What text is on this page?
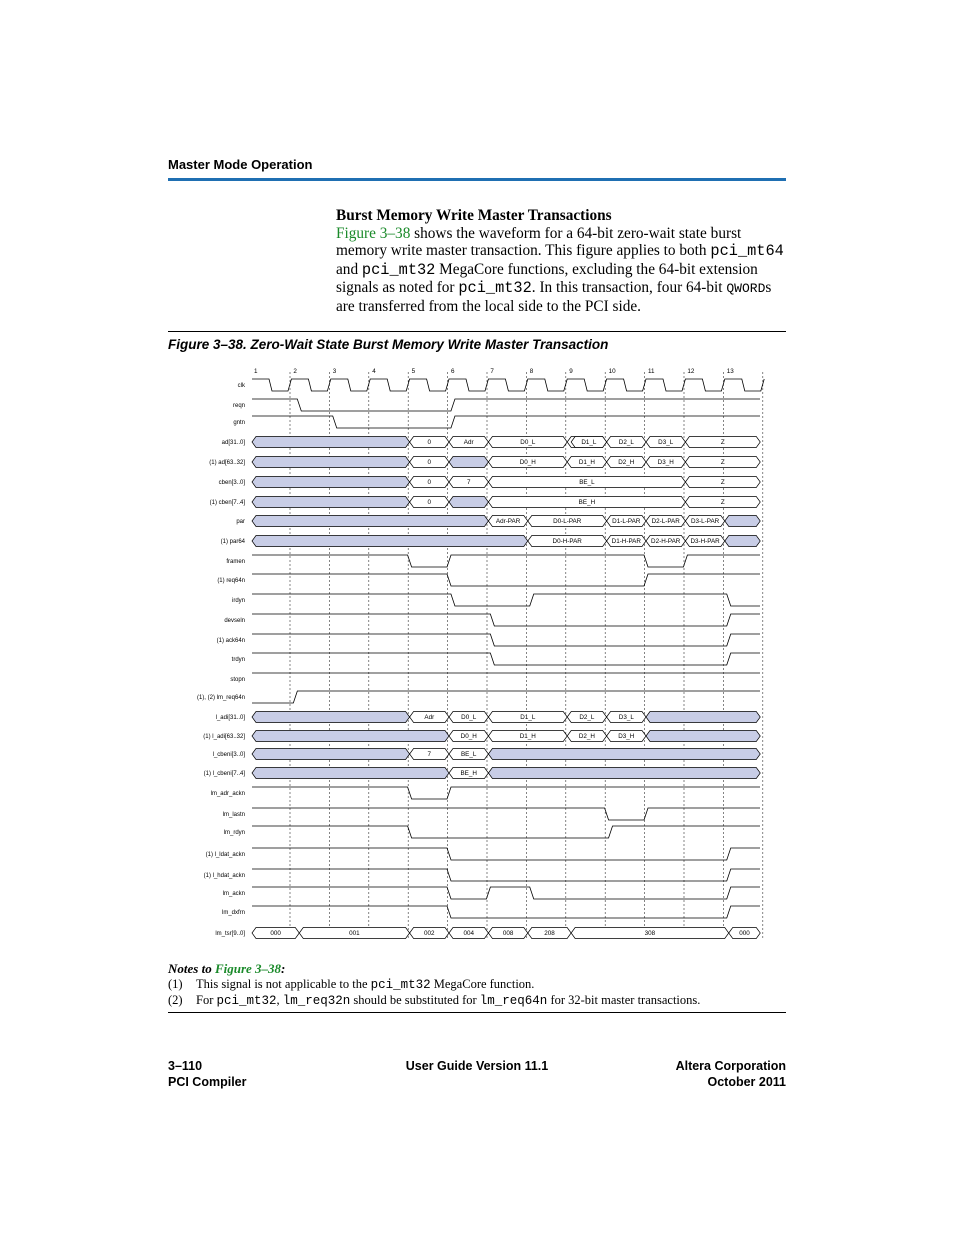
Master Mode Operation
Burst Memory Write Master Transactions
Figure 3–38 shows the waveform for a 64-bit zero-wait state burst memory write master transaction. This figure applies to both pci_mt64 and pci_mt32 MegaCore functions, excluding the 64-bit extension signals as noted for pci_mt32. In this transaction, four 64-bit QWORDs are transferred from the local side to the PCI side.
Figure 3–38. Zero-Wait State Burst Memory Write Master Transaction
1	2	3	4	5	6	7	8	9	10	11	12	13
clk
reqn
gntn
ad[31..0]
(1) ad[63..32]
cben[3..0]
(1) cben[7..4]
par
(1) par64
framen
(1) req64n
irdyn
devseln
(1) ack64n
trdyn
stopn
(1), (2) lm_req64n
l_adi[31..0]
(1) l_adi[63..32]
l_cbeni[3..0]
(1) l_cbeni[7..4]
lm_adr_ackn
lm_lastn
lm_rdyn
(1) l_ldat_ackn
(1) l_hdat_ackn
lm_ackn
lm_dxfrn
lm_tsr[9..0]
0	Adr	D0_L	D1_L	D2_L	D3_L	Z
0	D0_H	D1_H	D2_H	D3_H	Z
0	7	BE_L	Z
0	BE_H	Z
Adr-PAR	D0-L-PAR	D1-L-PAR D2-L-PAR D3-L-PAR
D0-H-PAR	D1-H-PAR D2-H-PAR D3-H-PAR
Adr	D0_L	D1_L	D2_L	D3_L
D0_H	D1_H	D2_H	D3_H
7	BE_L
BE_H
000	001	002	004	008	208	308	000
Notes to Figure 3–38:
(1)	This signal is not applicable to the pci_mt32 MegaCore function.
(2)	For pci_mt32, lm_req32n should be substituted for lm_req64n for 32-bit master transactions.
3–110
PCI Compiler
User Guide Version 11.1	Altera Corporation
October 2011
